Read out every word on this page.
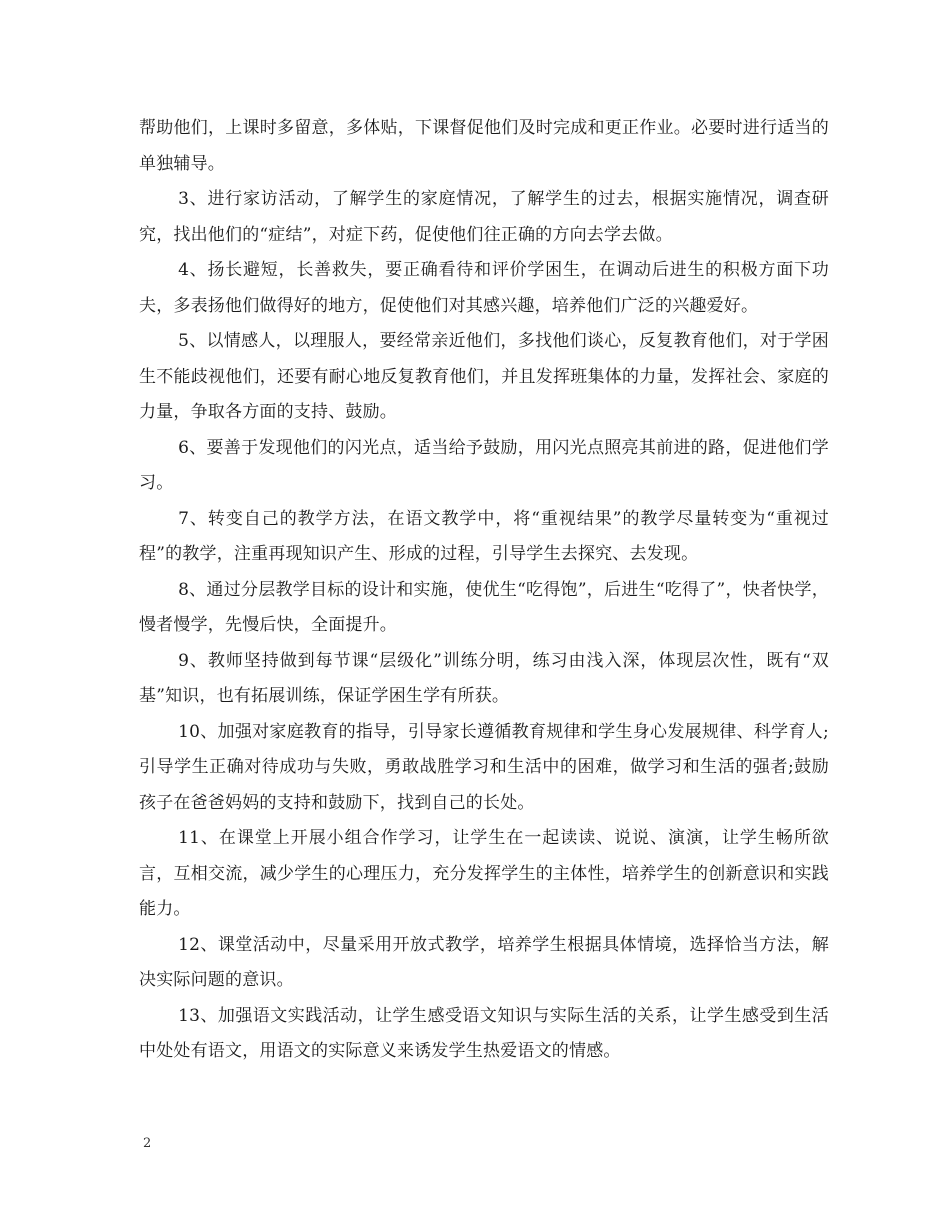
帮助他们，上课时多留意，多体贴，下课督促他们及时完成和更正作业。必要时进行适当的单独辅导。

3、进行家访活动，了解学生的家庭情况，了解学生的过去，根据实施情况，调查研究，找出他们的“症结”，对症下药，促使他们往正确的方向去学去做。

4、扬长避短，长善救失，要正确看待和评价学困生，在调动后进生的积极方面下功夫，多表扬他们做得好的地方，促使他们对其感兴趣，培养他们广泛的兴趣爱好。

5、以情感人，以理服人，要经常亲近他们，多找他们谈心，反复教育他们，对于学困生不能歧视他们，还要有耐心地反复教育他们，并且发挥班集体的力量，发挥社会、家庭的力量，争取各方面的支持、鼓励。

6、要善于发现他们的闪光点，适当给予鼓励，用闪光点照亮其前进的路，促进他们学习。

7、转变自己的教学方法，在语文教学中，将“重视结果”的教学尽量转变为“重视过程”的教学，注重再现知识产生、形成的过程，引导学生去探究、去发现。

8、通过分层教学目标的设计和实施，使优生“吃得饱”，后进生“吃得了”，快者快学，慢者慢学，先慢后快，全面提升。

9、教师坚持做到每节课“层级化”训练分明，练习由浅入深，体现层次性，既有“双基”知识，也有拓展训练，保证学困生学有所获。

10、加强对家庭教育的指导，引导家长遵循教育规律和学生身心发展规律、科学育人;引导学生正确对待成功与失败，勇敢战胜学习和生活中的困难，做学习和生活的强者;鼓励孩子在爸爸妈妈的支持和鼓励下，找到自己的长处。

11、在课堂上开展小组合作学习，让学生在一起读读、说说、演演，让学生畅所欲言，互相交流，减少学生的心理压力，充分发挥学生的主体性，培养学生的创新意识和实践能力。

12、课堂活动中，尽量采用开放式教学，培养学生根据具体情境，选择恰当方法，解决实际问题的意识。

13、加强语文实践活动，让学生感受语文知识与实际生活的关系，让学生感受到生活中处处有语文，用语文的实际意义来诱发学生热爱语文的情感。

2
